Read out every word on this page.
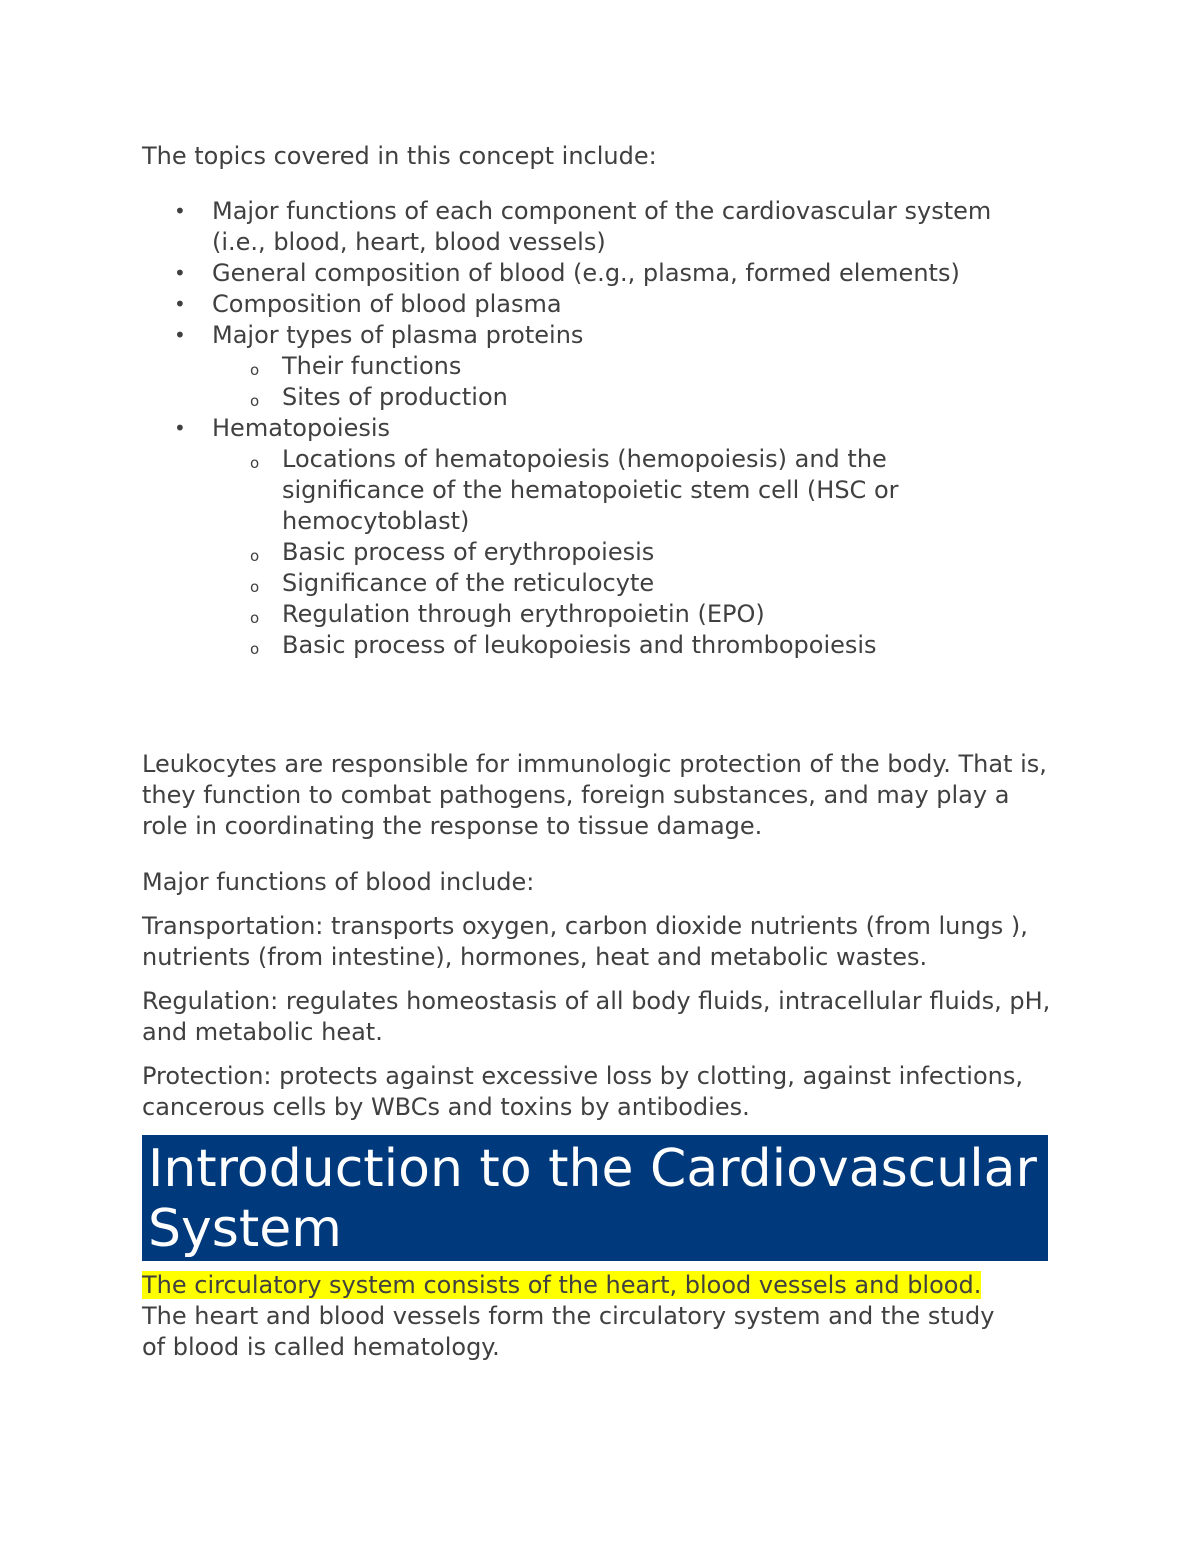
The topics covered in this concept include:

• Major functions of each component of the cardiovascular system (i.e., blood, heart, blood vessels)
• General composition of blood (e.g., plasma, formed elements)
• Composition of blood plasma
• Major types of plasma proteins
o Their functions
o Sites of production
• Hematopoiesis
o Locations of hematopoiesis (hemopoiesis) and the significance of the hematopoietic stem cell (HSC or hemocytoblast)
o Basic process of erythropoiesis
o Significance of the reticulocyte
o Regulation through erythropoietin (EPO)
o Basic process of leukopoiesis and thrombopoiesis

Leukocytes are responsible for immunologic protection of the body. That is, they function to combat pathogens, foreign substances, and may play a role in coordinating the response to tissue damage.

Major functions of blood include:

Transportation: transports oxygen, carbon dioxide nutrients (from lungs ), nutrients (from intestine), hormones, heat and metabolic wastes.

Regulation: regulates homeostasis of all body fluids, intracellular fluids, pH, and metabolic heat.

Protection: protects against excessive loss by clotting, against infections, cancerous cells by WBCs and toxins by antibodies.

Introduction to the Cardiovascular System

The circulatory system consists of the heart, blood vessels and blood. The heart and blood vessels form the circulatory system and the study of blood is called hematology.
